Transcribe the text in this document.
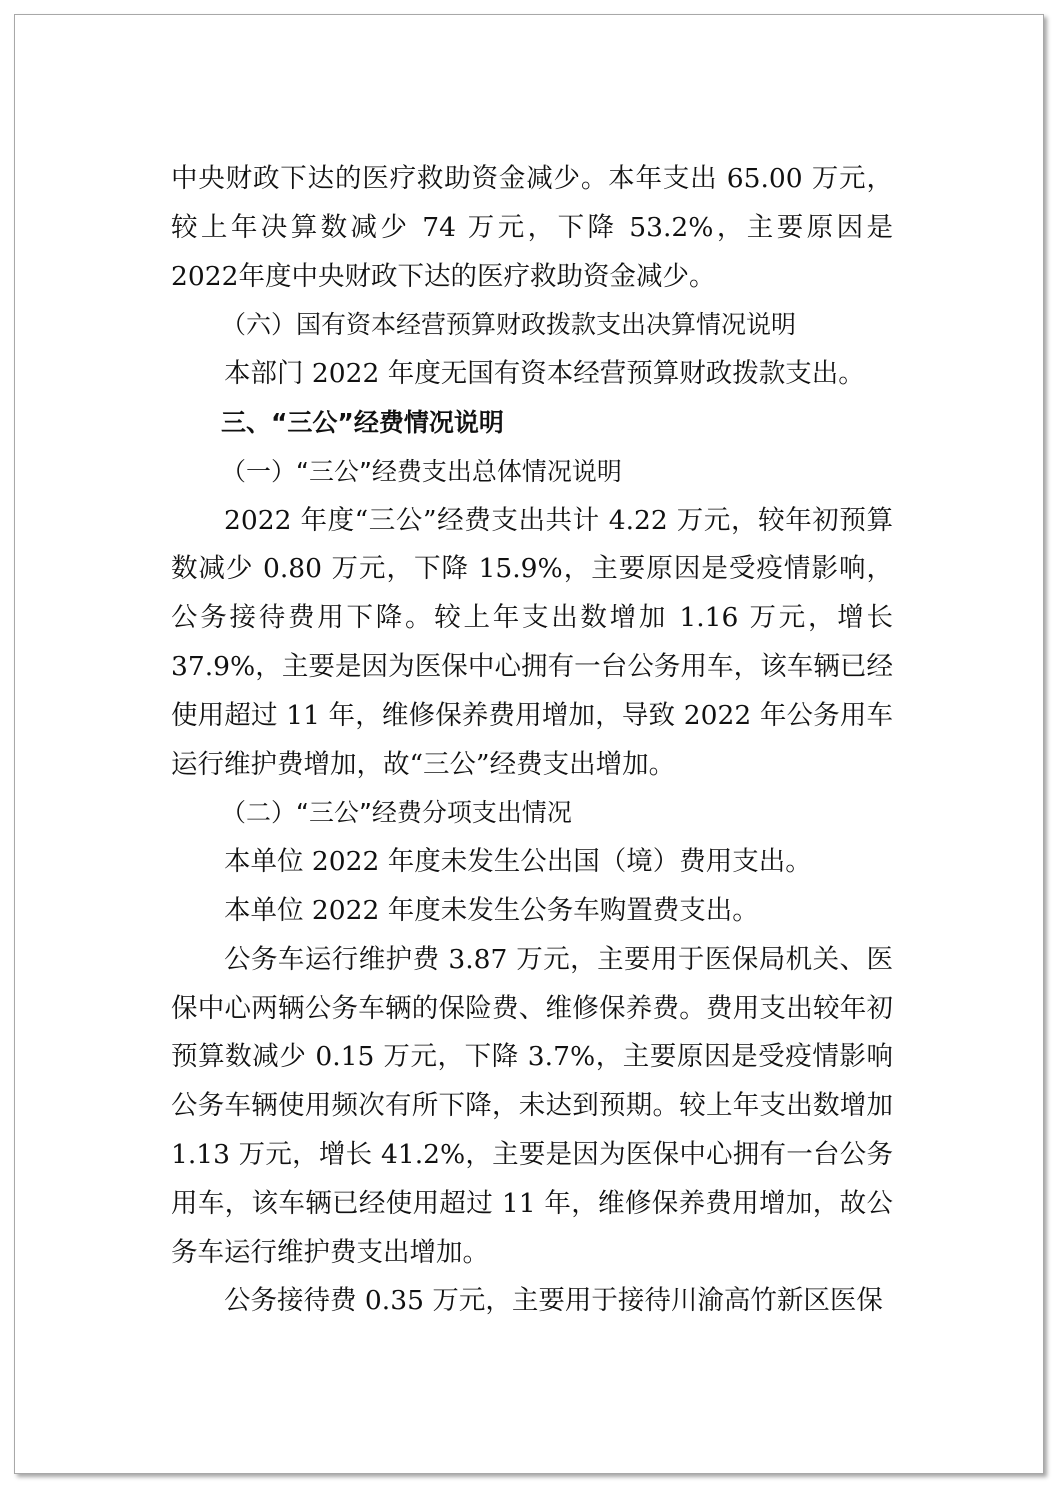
中央财政下达的医疗救助资金减少。本年支出 65.00 万元，较上年决算数减少 74 万元，下降 53.2%，主要原因是 2022年度中央财政下达的医疗救助资金减少。

（六）国有资本经营预算财政拨款支出决算情况说明

本部门 2022 年度无国有资本经营预算财政拨款支出。

三、“三公”经费情况说明

（一）“三公”经费支出总体情况说明

2022 年度“三公”经费支出共计 4.22 万元，较年初预算数减少 0.80 万元，下降 15.9%，主要原因是受疫情影响，公务接待费用下降。较上年支出数增加 1.16 万元，增长 37.9%，主要是因为医保中心拥有一台公务用车，该车辆已经使用超过 11 年，维修保养费用增加，导致 2022 年公务用车运行维护费增加，故“三公”经费支出增加。

（二）“三公”经费分项支出情况

本单位 2022 年度未发生公出国（境）费用支出。

本单位 2022 年度未发生公务车购置费支出。

公务车运行维护费 3.87 万元，主要用于医保局机关、医保中心两辆公务车辆的保险费、维修保养费。费用支出较年初预算数减少 0.15 万元，下降 3.7%，主要原因是受疫情影响公务车辆使用频次有所下降，未达到预期。较上年支出数增加 1.13 万元，增长 41.2%，主要是因为医保中心拥有一台公务用车，该车辆已经使用超过 11 年，维修保养费用增加，故公务车运行维护费支出增加。

公务接待费 0.35 万元，主要用于接待川渝高竹新区医保
